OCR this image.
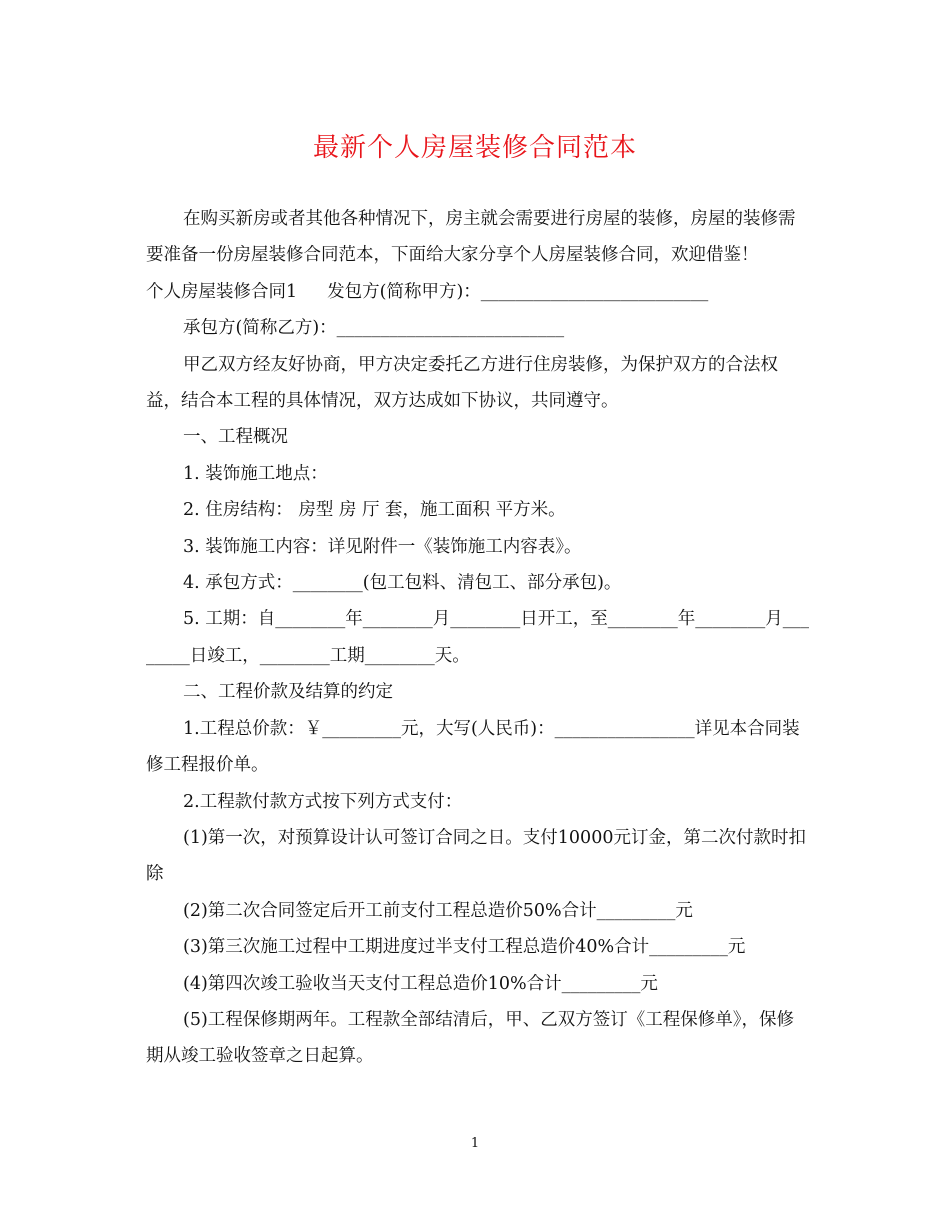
最新个人房屋装修合同范本

在购买新房或者其他各种情况下，房主就会需要进行房屋的装修，房屋的装修需要准备一份房屋装修合同范本，下面给大家分享个人房屋装修合同，欢迎借鉴！

个人房屋装修合同1 发包方(简称甲方)：__________________________

承包方(简称乙方)：__________________________

甲乙双方经友好协商，甲方决定委托乙方进行住房装修，为保护双方的合法权益，结合本工程的具体情况，双方达成如下协议，共同遵守。

一、工程概况

1. 装饰施工地点：

2. 住房结构： 房型 房 厅 套，施工面积 平方米。

3. 装饰施工内容：详见附件一《装饰施工内容表》。

4. 承包方式：________(包工包料、清包工、部分承包)。

5. 工期：自________年________月________日开工，至________年________月________日竣工，________工期________天。

二、工程价款及结算的约定

1.工程总价款：￥_________元，大写(人民币)：________________详见本合同装修工程报价单。

2.工程款付款方式按下列方式支付：

(1)第一次，对预算设计认可签订合同之日。支付10000元订金，第二次付款时扣除

(2)第二次合同签定后开工前支付工程总造价50%合计_________元

(3)第三次施工过程中工期进度过半支付工程总造价40%合计_________元

(4)第四次竣工验收当天支付工程总造价10%合计_________元

(5)工程保修期两年。工程款全部结清后，甲、乙双方签订《工程保修单》，保修期从竣工验收签章之日起算。

1
